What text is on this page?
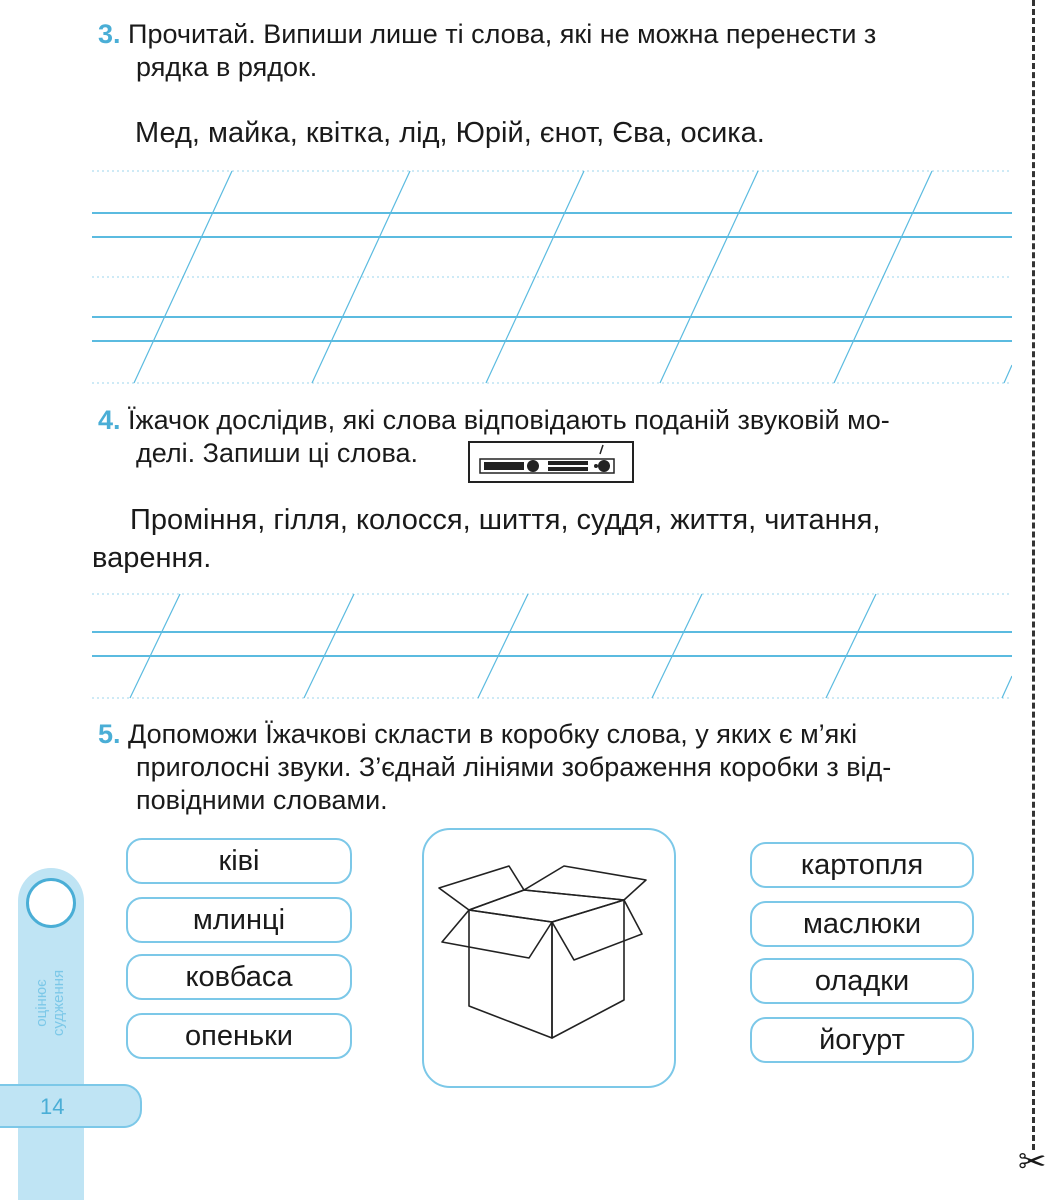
3. Прочитай. Випиши лише ті слова, які не можна перенести з
рядка в рядок.
Мед, майка, квітка, лід, Юрій, єнот, Єва, осика.
4. Їжачок дослідив, які слова відповідають поданій звуковій мо-
делі. Запиши ці слова.
Проміння, гілля, колосся, шиття, суддя, життя, читання,
варення.
5. Допоможи Їжачкові скласти в коробку слова, у яких є м’які
приголосні звуки. З’єднай лініями зображення коробки з від-
повідними словами.
ківі
млинці
ковбаса
опеньки
картопля
маслюки
оладки
йогурт
оцінює
судження
14
✂
